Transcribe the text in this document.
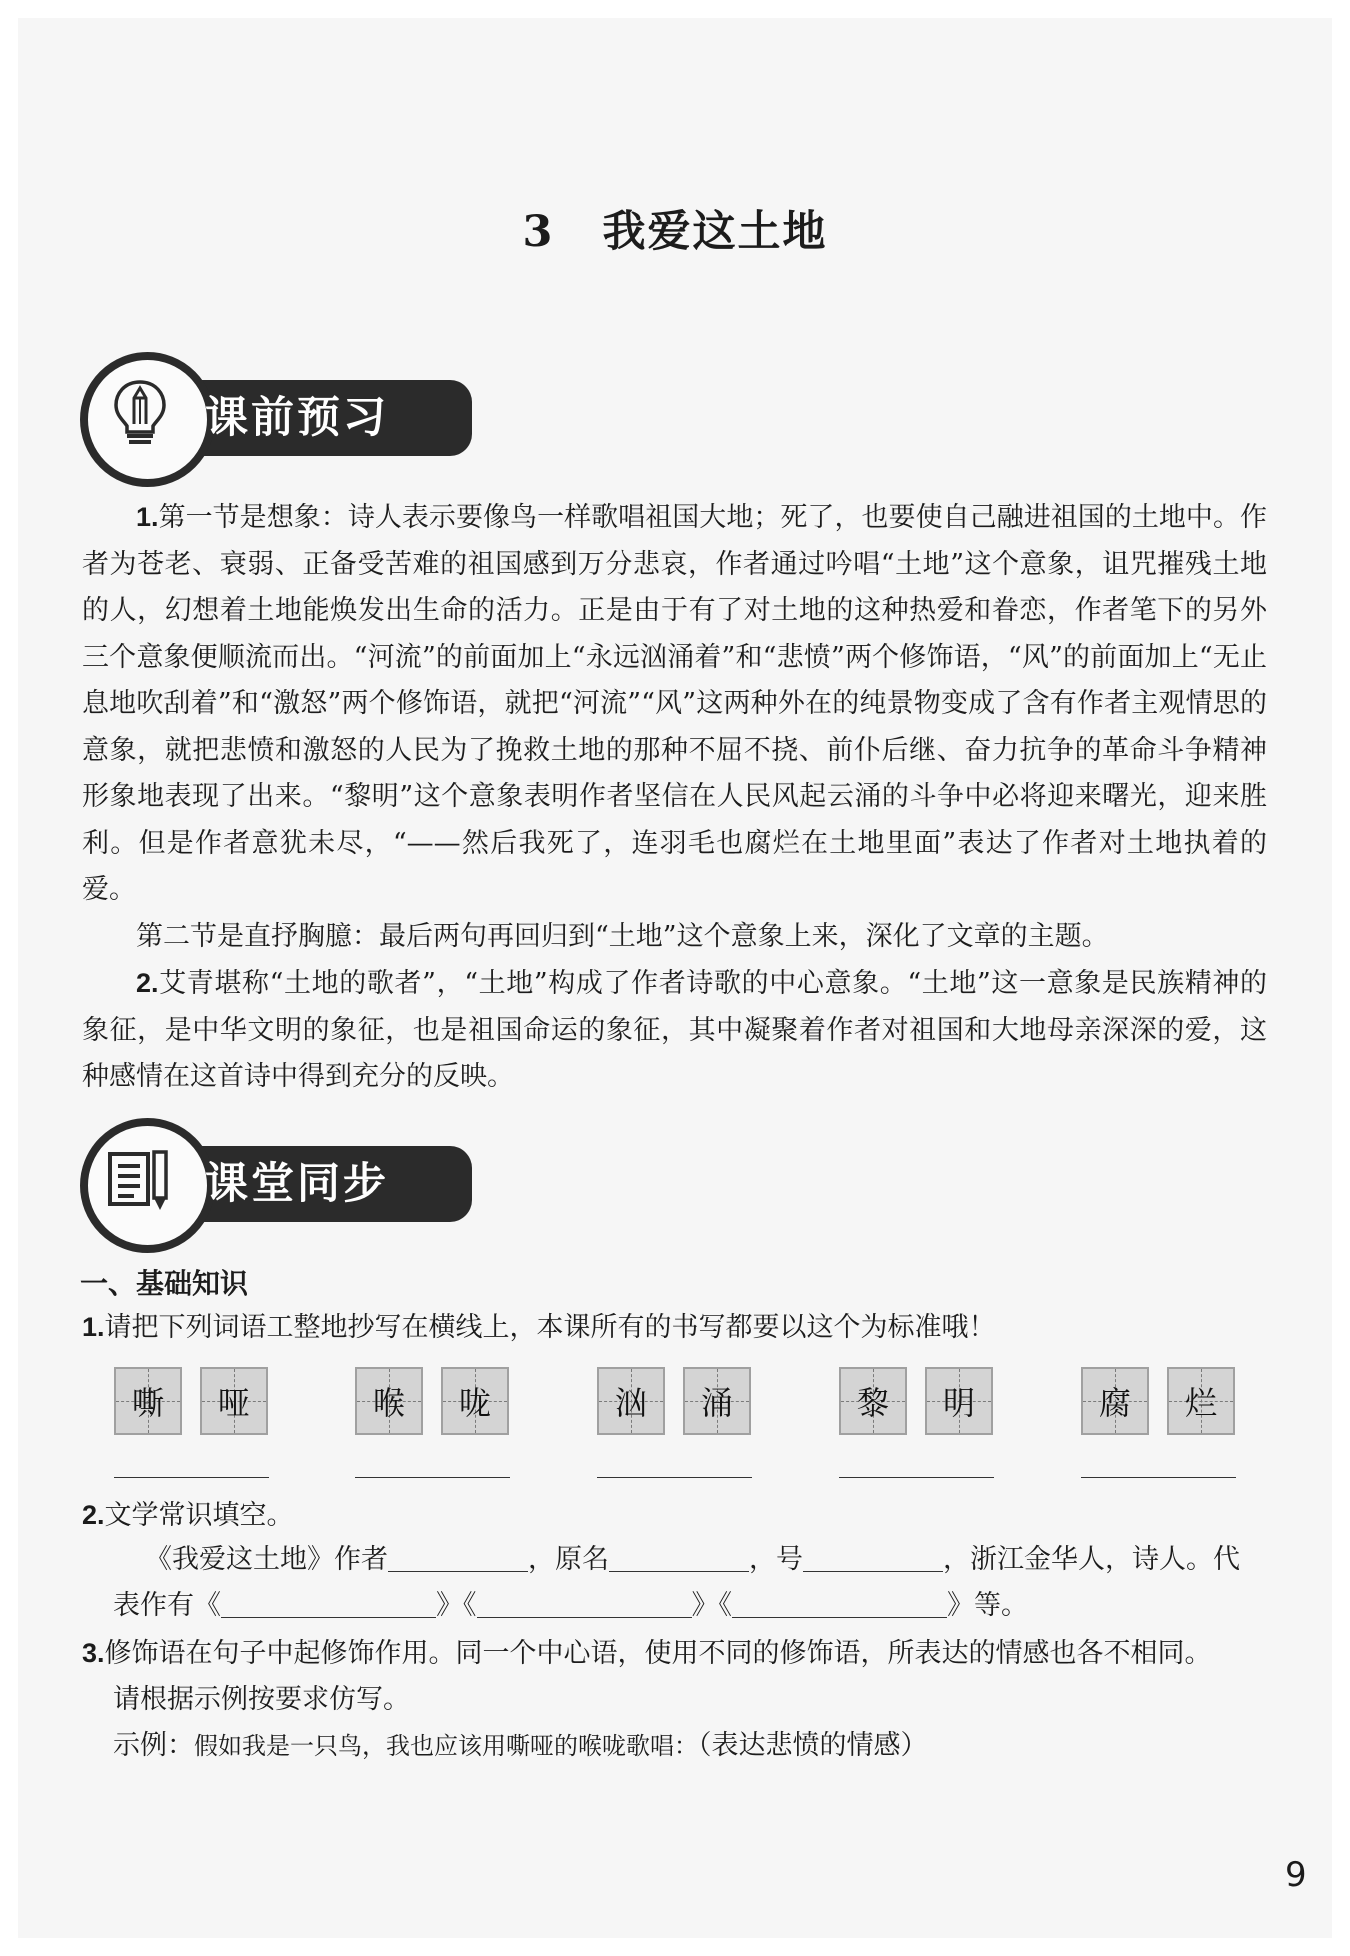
3 我爱这土地
课前预习

1.第一节是想象：诗人表示要像鸟一样歌唱祖国大地；死了，也要使自己融进祖国的土地中。作者为苍老、衰弱、正备受苦难的祖国感到万分悲哀，作者通过吟唱“土地”这个意象，诅咒摧残土地的人，幻想着土地能焕发出生命的活力。正是由于有了对土地的这种热爱和眷恋，作者笔下的另外三个意象便顺流而出。“河流”的前面加上“永远汹涌着”和“悲愤”两个修饰语，“风”的前面加上“无止息地吹刮着”和“激怒”两个修饰语，就把“河流”“风”这两种外在的纯景物变成了含有作者主观情思的意象，就把悲愤和激怒的人民为了挽救土地的那种不屈不挠、前仆后继、奋力抗争的革命斗争精神形象地表现了出来。“黎明”这个意象表明作者坚信在人民风起云涌的斗争中必将迎来曙光，迎来胜利。但是作者意犹未尽，“——然后我死了，连羽毛也腐烂在土地里面”表达了作者对土地执着的爱。

第二节是直抒胸臆：最后两句再回归到“土地”这个意象上来，深化了文章的主题。

2.艾青堪称“土地的歌者”，“土地”构成了作者诗歌的中心意象。“土地”这一意象是民族精神的象征，是中华文明的象征，也是祖国命运的象征，其中凝聚着作者对祖国和大地母亲深深的爱，这种感情在这首诗中得到充分的反映。

课堂同步
一、基础知识
1.请把下列词语工整地抄写在横线上，本课所有的书写都要以这个为标准哦！
嘶 哑	喉 咙	汹 涌	黎 明	腐 烂
2.文学常识填空。
《我爱这土地》作者	，原名	，号	，浙江金华人，诗人。代
表作有《	》《	》《	》等。
3.修饰语在句子中起修饰作用。同一个中心语，使用不同的修饰语，所表达的情感也各不相同。
请根据示例按要求仿写。
示例：假如我是一只鸟，我也应该用嘶哑的喉咙歌唱：（表达悲愤的情感）
9
